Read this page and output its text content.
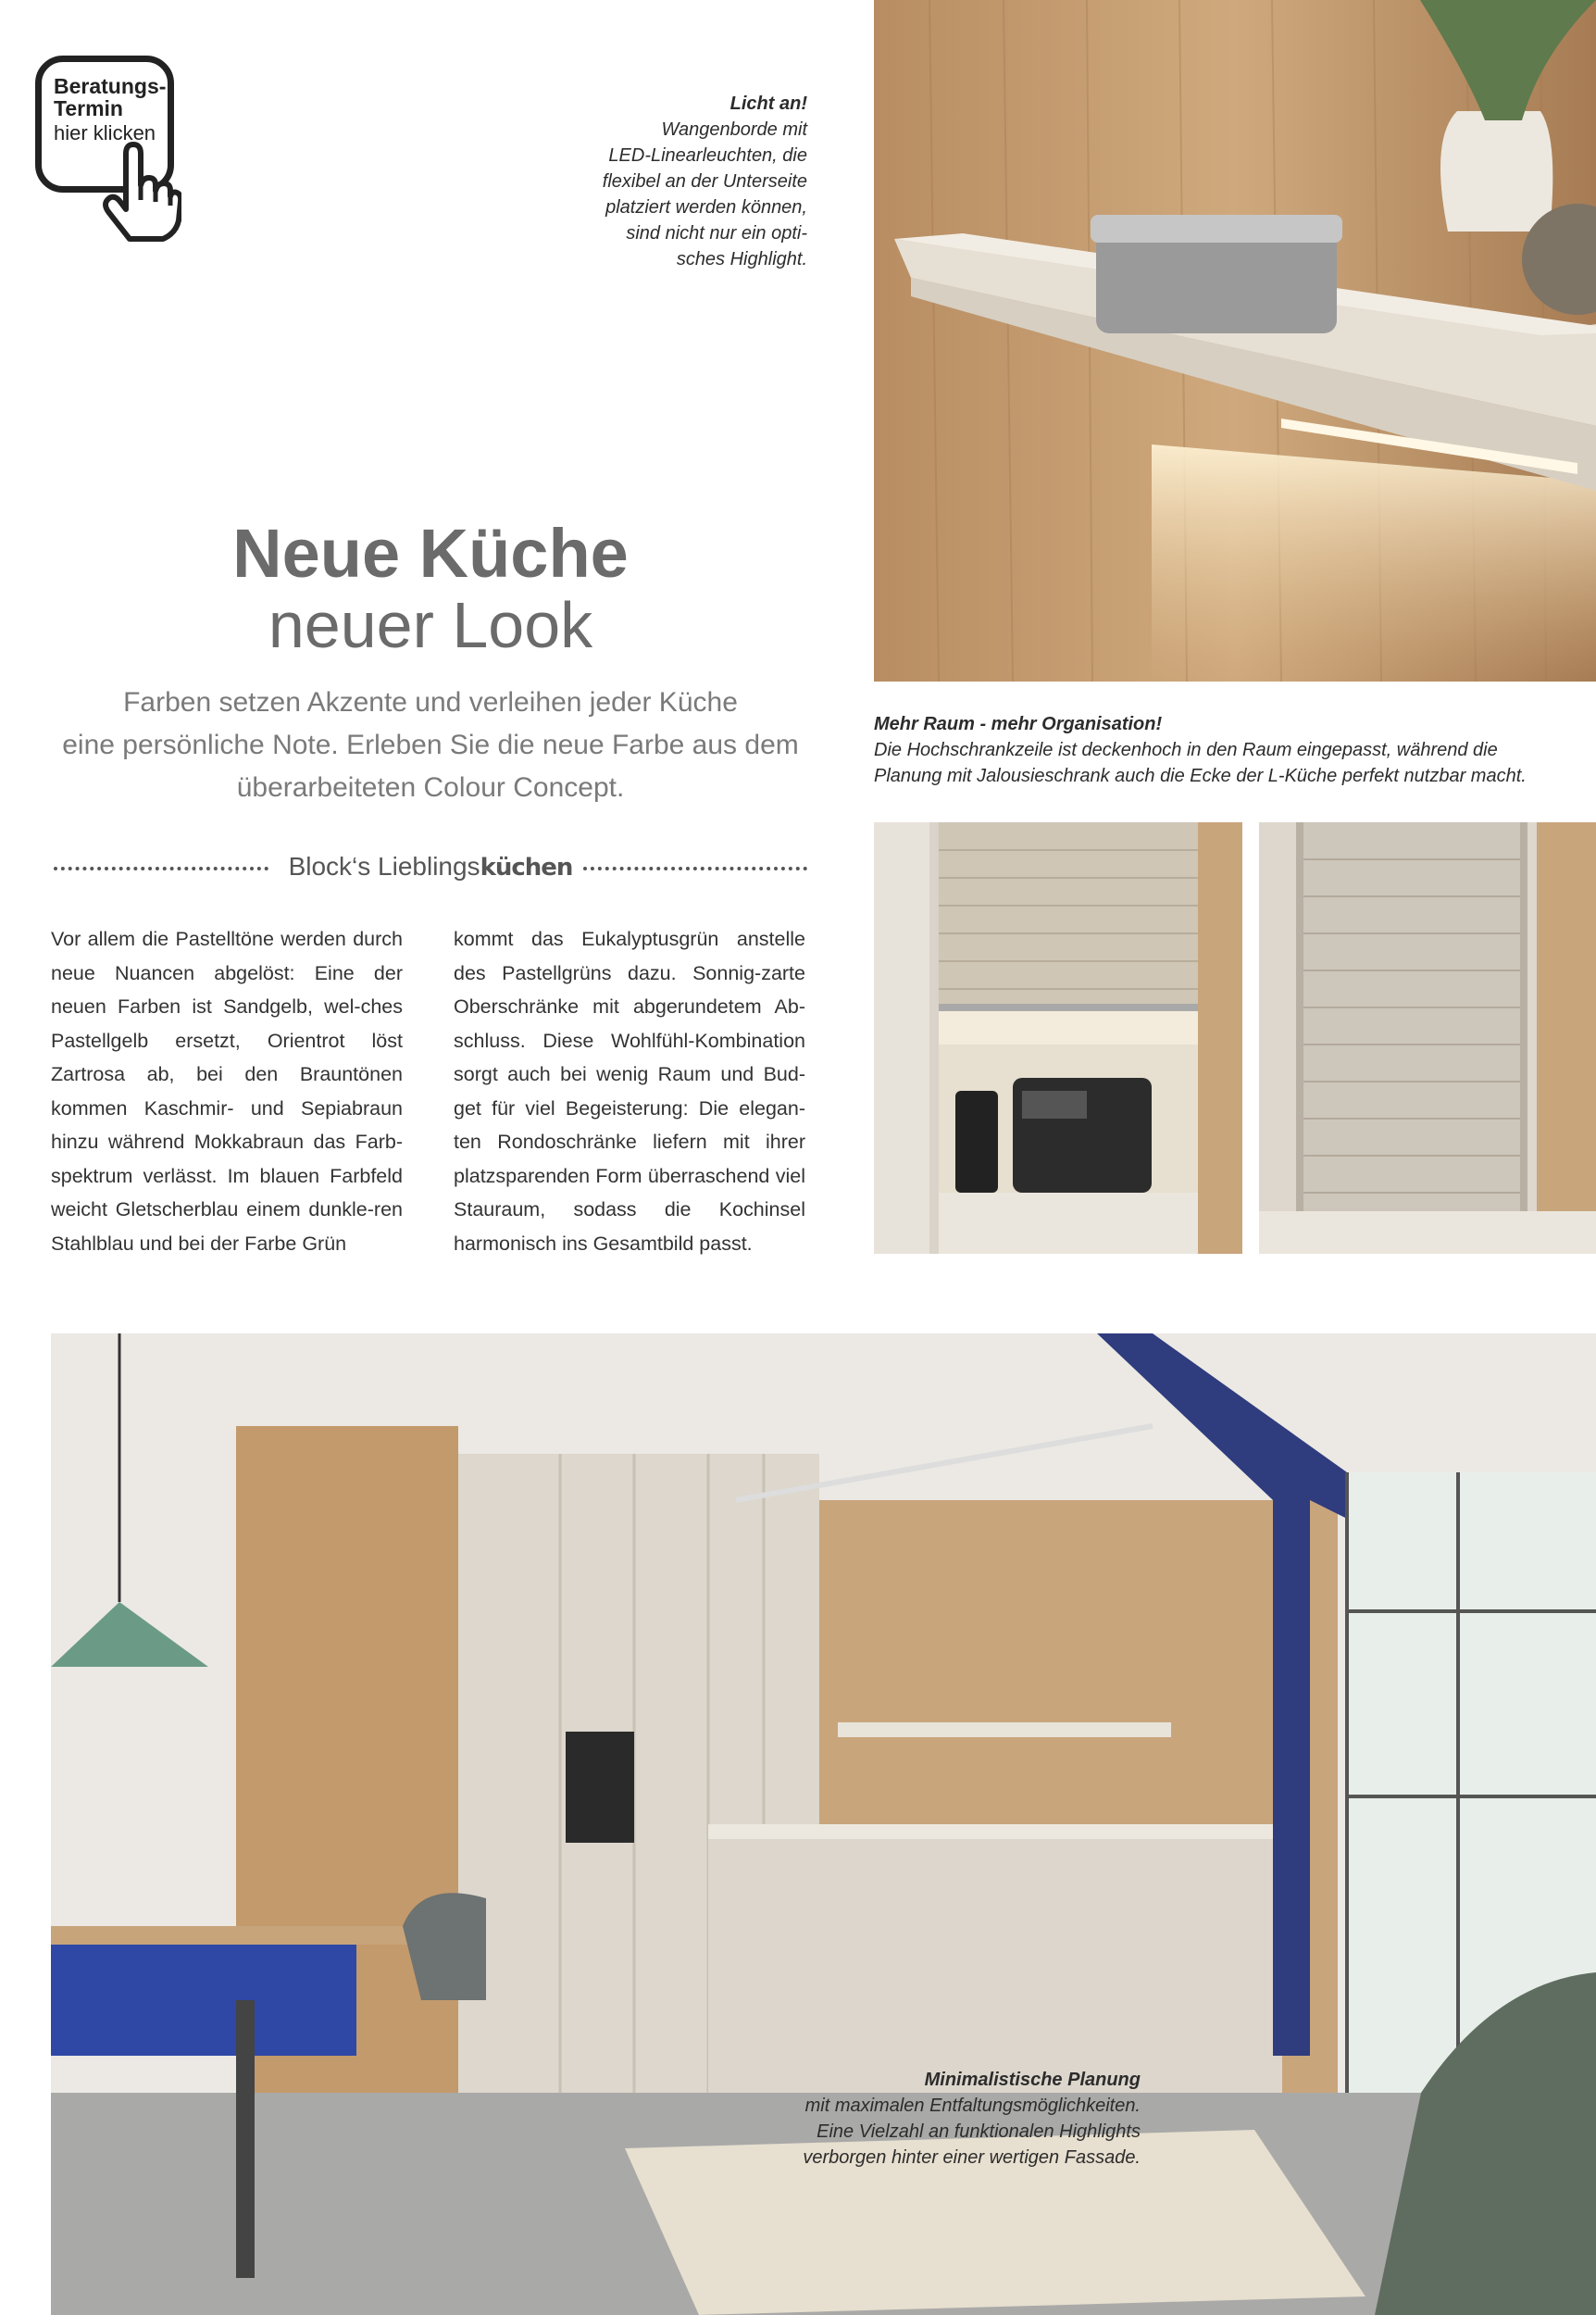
Beratungs-
Termin
hier klicken
Licht an!
Wangenborde mit
LED-Linearleuchten, die
flexibel an der Unterseite
platziert werden können,
sind nicht nur ein opti-
sches Highlight.
Neue Küche
neuer Look
Farben setzen Akzente und verleihen jeder Küche
eine persönliche Note. Erleben Sie die neue Farbe aus dem
überarbeiteten Colour Concept.
Block‘s Lieblingsküchen
Vor allem die Pastelltöne werden durch neue Nuancen abgelöst: Eine der neuen Farben ist Sandgelb, wel-ches Pastellgelb ersetzt, Orientrot löst Zartrosa ab, bei den Brauntönen kommen Kaschmir- und Sepiabraun hinzu während Mokkabraun das Farb-spektrum verlässt. Im blauen Farbfeld weicht Gletscherblau einem dunkle-ren Stahlblau und bei der Farbe Grün
kommt das Eukalyptusgrün anstelle des Pastellgrüns dazu. Sonnig-zarte Oberschränke mit abgerundetem Ab-schluss. Diese Wohlfühl-Kombination sorgt auch bei wenig Raum und Bud-get für viel Begeisterung: Die elegan-ten Rondoschränke liefern mit ihrer platzsparenden Form überraschend viel Stauraum, sodass die Kochinsel harmonisch ins Gesamtbild passt.
Mehr Raum - mehr Organisation!
Die Hochschrankzeile ist deckenhoch in den Raum eingepasst, während die
Planung mit Jalousieschrank auch die Ecke der L-Küche perfekt nutzbar macht.
Minimalistische Planung
mit maximalen Entfaltungsmöglichkeiten.
Eine Vielzahl an funktionalen Highlights
verborgen hinter einer wertigen Fassade.
